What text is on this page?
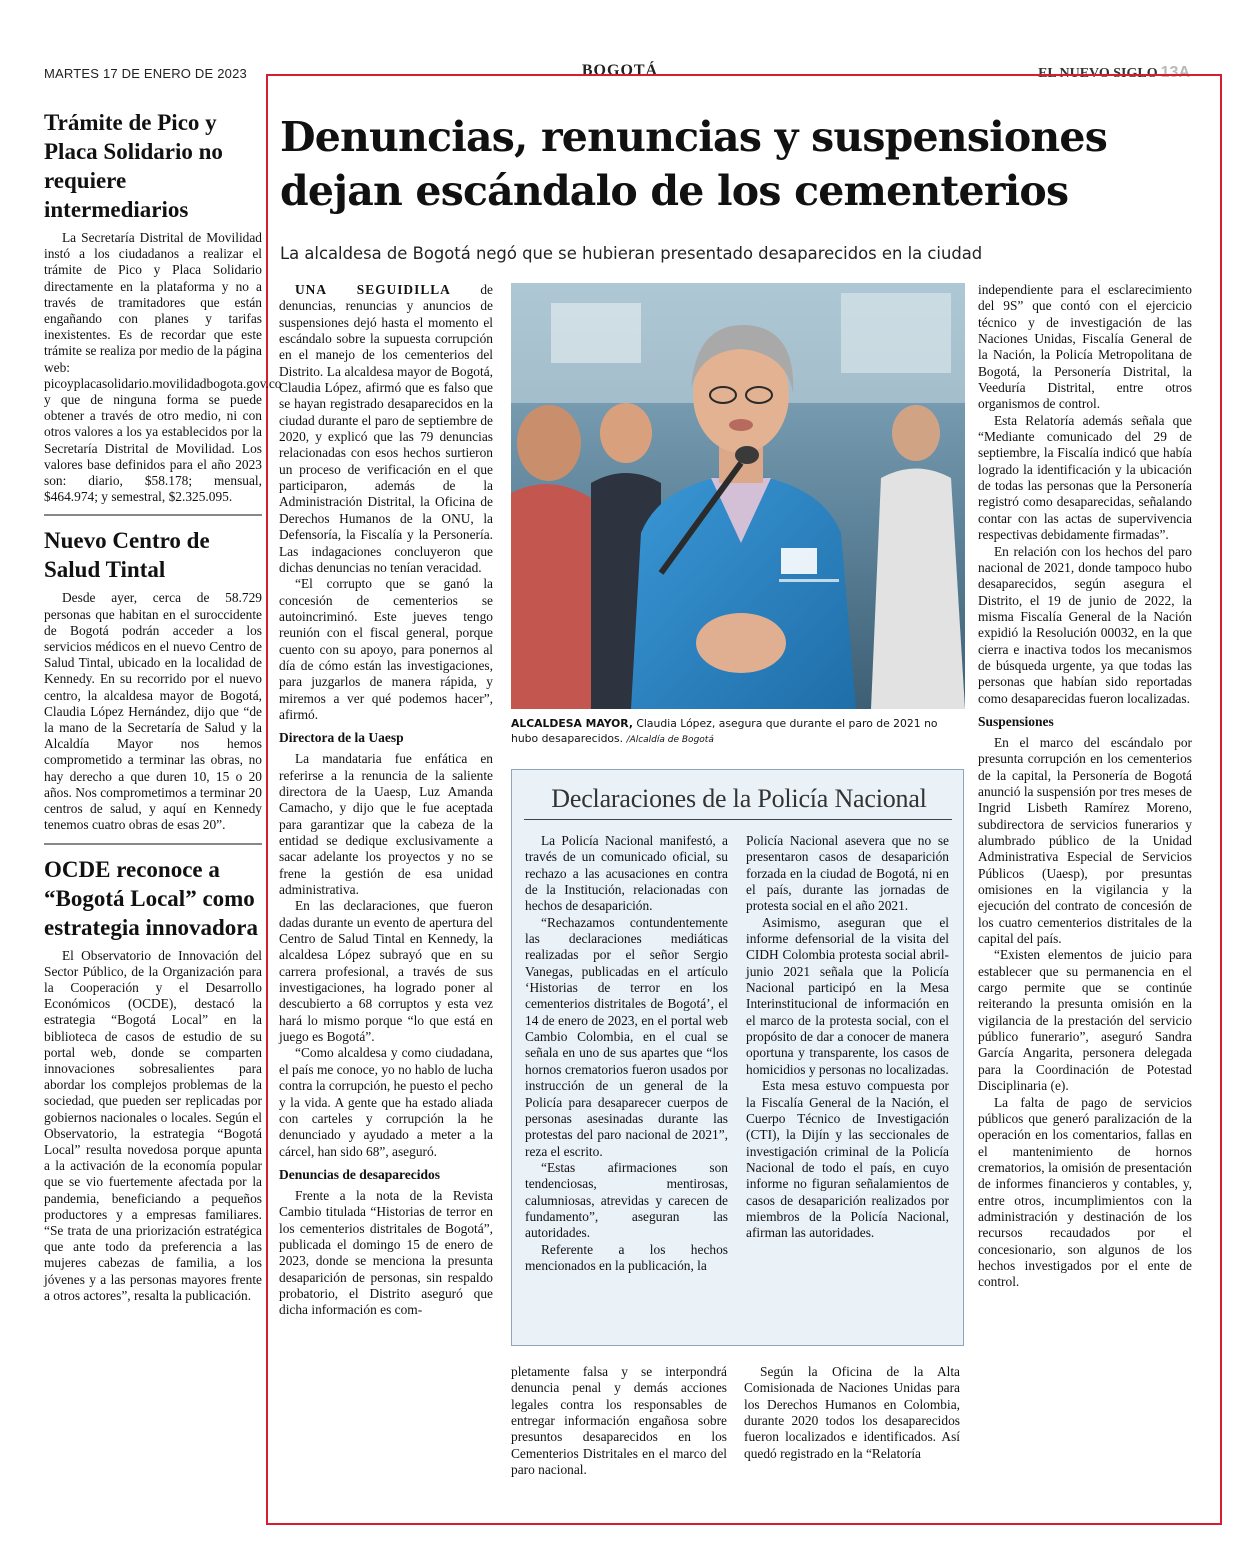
MARTES 17 DE ENERO DE 2023	BOGOTÁ	EL NUEVO SIGLO 13A
Trámite de Pico y Placa Solidario no requiere intermediarios

La Secretaría Distrital de Movilidad instó a los ciudadanos a realizar el trámite de Pico y Placa Solidario directamente en la plataforma y no a través de tramitadores que están engañando con planes y tarifas inexistentes. Es de recordar que este trámite se realiza por medio de la página web: picoyplacasolidario.movilidadbogota.gov.co y que de ninguna forma se puede obtener a través de otro medio, ni con otros valores a los ya establecidos por la Secretaría Distrital de Movilidad. Los valores base definidos para el año 2023 son: diario, $58.178; mensual, $464.974; y semestral, $2.325.095.

Nuevo Centro de Salud Tintal

Desde ayer, cerca de 58.729 personas que habitan en el suroccidente de Bogotá podrán acceder a los servicios médicos en el nuevo Centro de Salud Tintal, ubicado en la localidad de Kennedy. En su recorrido por el nuevo centro, la alcaldesa mayor de Bogotá, Claudia López Hernández, dijo que “de la mano de la Secretaría de Salud y la Alcaldía Mayor nos hemos comprometido a terminar las obras, no hay derecho a que duren 10, 15 o 20 años. Nos comprometimos a terminar 20 centros de salud, y aquí en Kennedy tenemos cuatro obras de esas 20”.

OCDE reconoce a “Bogotá Local” como estrategia innovadora

El Observatorio de Innovación del Sector Público, de la Organización para la Cooperación y el Desarrollo Económicos (OCDE), destacó la estrategia “Bogotá Local” en la biblioteca de casos de estudio de su portal web, donde se comparten innovaciones sobresalientes para abordar los complejos problemas de la sociedad, que pueden ser replicadas por gobiernos nacionales o locales. Según el Observatorio, la estrategia “Bogotá Local” resulta novedosa porque apunta a la activación de la economía popular que se vio fuertemente afectada por la pandemia, beneficiando a pequeños productores y a empresas familiares. “Se trata de una priorización estratégica que ante todo da preferencia a las mujeres cabezas de familia, a los jóvenes y a las personas mayores frente a otros actores”, resalta la publicación.

Denuncias, renuncias y suspensiones
dejan escándalo de los cementerios
La alcaldesa de Bogotá negó que se hubieran presentado desaparecidos en la ciudad

UNA SEGUIDILLA de denuncias, renuncias y anuncios de suspensiones dejó hasta el momento el escándalo sobre la supuesta corrupción en el manejo de los cementerios del Distrito. La alcaldesa mayor de Bogotá, Claudia López, afirmó que es falso que se hayan registrado desaparecidos en la ciudad durante el paro de septiembre de 2020, y explicó que las 79 denuncias relacionadas con esos hechos surtieron un proceso de verificación en el que participaron, además de la Administración Distrital, la Oficina de Derechos Humanos de la ONU, la Defensoría, la Fiscalía y la Personería. Las indagaciones concluyeron que dichas denuncias no tenían veracidad.

“El corrupto que se ganó la concesión de cementerios se autoincriminó. Este jueves tengo reunión con el fiscal general, porque cuento con su apoyo, para ponernos al día de cómo están las investigaciones, para juzgarlos de manera rápida, y miremos a ver qué podemos hacer”, afirmó.

Directora de la Uaesp

La mandataria fue enfática en referirse a la renuncia de la saliente directora de la Uaesp, Luz Amanda Camacho, y dijo que le fue aceptada para garantizar que la cabeza de la entidad se dedique exclusivamente a sacar adelante los proyectos y no se frene la gestión de esa unidad administrativa.

En las declaraciones, que fueron dadas durante un evento de apertura del Centro de Salud Tintal en Kennedy, la alcaldesa López subrayó que en su carrera profesional, a través de sus investigaciones, ha logrado poner al descubierto a 68 corruptos y esta vez hará lo mismo porque “lo que está en juego es Bogotá”.

“Como alcaldesa y como ciudadana, el país me conoce, yo no hablo de lucha contra la corrupción, he puesto el pecho y la vida. A gente que ha estado aliada con carteles y corrupción la he denunciado y ayudado a meter a la cárcel, han sido 68”, aseguró.

Denuncias de desaparecidos

Frente a la nota de la Revista Cambio titulada “Historias de terror en los cementerios distritales de Bogotá”, publicada el domingo 15 de enero de 2023, donde se menciona la presunta desaparición de personas, sin respaldo probatorio, el Distrito aseguró que dicha información es com-

ALCALDESA MAYOR, Claudia López, asegura que durante el paro de 2021 no hubo desaparecidos. /Alcaldía de Bogotá
Declaraciones de la Policía Nacional

La Policía Nacional manifestó, a través de un comunicado oficial, su rechazo a las acusaciones en contra de la Institución, relacionadas con hechos de desaparición.

“Rechazamos contundentemente las declaraciones mediáticas realizadas por el señor Sergio Vanegas, publicadas en el artículo ‘Historias de terror en los cementerios distritales de Bogotá’, el 14 de enero de 2023, en el portal web Cambio Colombia, en el cual se señala en uno de sus apartes que “los hornos crematorios fueron usados por instrucción de un general de la Policía para desaparecer cuerpos de personas asesinadas durante las protestas del paro nacional de 2021”, reza el escrito.

“Estas afirmaciones son tendenciosas, mentirosas, calumniosas, atrevidas y carecen de fundamento”, aseguran las autoridades.

Referente a los hechos mencionados en la publicación, la

Policía Nacional asevera que no se presentaron casos de desaparición forzada en la ciudad de Bogotá, ni en el país, durante las jornadas de protesta social en el año 2021.

Asimismo, aseguran que el informe defensorial de la visita del CIDH Colombia protesta social abril-junio 2021 señala que la Policía Nacional participó en la Mesa Interinstitucional de información en el marco de la protesta social, con el propósito de dar a conocer de manera oportuna y transparente, los casos de homicidios y personas no localizadas.

Esta mesa estuvo compuesta por la Fiscalía General de la Nación, el Cuerpo Técnico de Investigación (CTI), la Dijín y las seccionales de investigación criminal de la Policía Nacional de todo el país, en cuyo informe no figuran señalamientos de casos de desaparición realizados por miembros de la Policía Nacional, afirman las autoridades.

pletamente falsa y se interpondrá denuncia penal y demás acciones legales contra los responsables de entregar información engañosa sobre presuntos desaparecidos en los Cementerios Distritales en el marco del paro nacional.

Según la Oficina de la Alta Comisionada de Naciones Unidas para los Derechos Humanos en Colombia, durante 2020 todos los desaparecidos fueron localizados e identificados. Así quedó registrado en la “Relatoría

independiente para el esclarecimiento del 9S” que contó con el ejercicio técnico y de investigación de las Naciones Unidas, Fiscalía General de la Nación, la Policía Metropolitana de Bogotá, la Personería Distrital, la Veeduría Distrital, entre otros organismos de control.

Esta Relatoría además señala que “Mediante comunicado del 29 de septiembre, la Fiscalía indicó que había logrado la identificación y la ubicación de todas las personas que la Personería registró como desaparecidas, señalando contar con las actas de supervivencia respectivas debidamente firmadas”.

En relación con los hechos del paro nacional de 2021, donde tampoco hubo desaparecidos, según asegura el Distrito, el 19 de junio de 2022, la misma Fiscalía General de la Nación expidió la Resolución 00032, en la que cierra e inactiva todos los mecanismos de búsqueda urgente, ya que todas las personas que habían sido reportadas como desaparecidas fueron localizadas.

Suspensiones

En el marco del escándalo por presunta corrupción en los cementerios de la capital, la Personería de Bogotá anunció la suspensión por tres meses de Ingrid Lisbeth Ramírez Moreno, subdirectora de servicios funerarios y alumbrado público de la Unidad Administrativa Especial de Servicios Públicos (Uaesp), por presuntas omisiones en la vigilancia y la ejecución del contrato de concesión de los cuatro cementerios distritales de la capital del país.

“Existen elementos de juicio para establecer que su permanencia en el cargo permite que se continúe reiterando la presunta omisión en la vigilancia de la prestación del servicio público funerario”, aseguró Sandra García Angarita, personera delegada para la Coordinación de Potestad Disciplinaria (e).

La falta de pago de servicios públicos que generó paralización de la operación en los comentarios, fallas en el mantenimiento de hornos crematorios, la omisión de presentación de informes financieros y contables, y, entre otros, incumplimientos con la administración y destinación de los recursos recaudados por el concesionario, son algunos de los hechos investigados por el ente de control.
